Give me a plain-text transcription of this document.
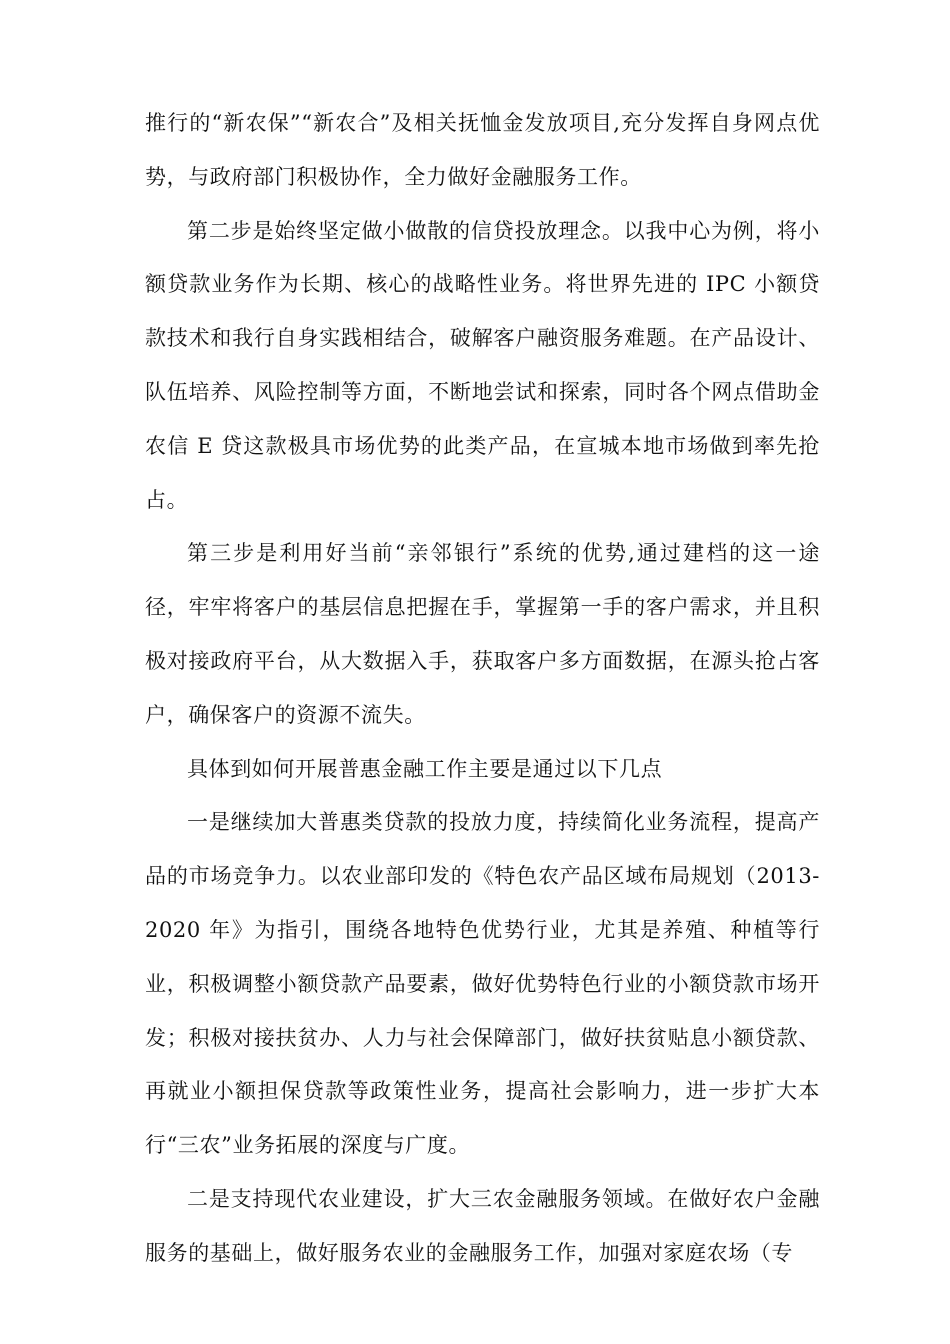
推行的“新农保”“新农合”及相关抚恤金发放项目,充分发挥自身网点优势，与政府部门积极协作，全力做好金融服务工作。

第二步是始终坚定做小做散的信贷投放理念。以我中心为例，将小额贷款业务作为长期、核心的战略性业务。将世界先进的 IPC 小额贷款技术和我行自身实践相结合，破解客户融资服务难题。在产品设计、队伍培养、风险控制等方面，不断地尝试和探索，同时各个网点借助金农信 E 贷这款极具市场优势的此类产品，在宣城本地市场做到率先抢占。

第三步是利用好当前“亲邻银行”系统的优势,通过建档的这一途径，牢牢将客户的基层信息把握在手，掌握第一手的客户需求，并且积极对接政府平台，从大数据入手，获取客户多方面数据，在源头抢占客户，确保客户的资源不流失。

具体到如何开展普惠金融工作主要是通过以下几点

一是继续加大普惠类贷款的投放力度，持续简化业务流程，提高产品的市场竞争力。以农业部印发的《特色农产品区域布局规划（2013-2020 年》为指引，围绕各地特色优势行业，尤其是养殖、种植等行业，积极调整小额贷款产品要素，做好优势特色行业的小额贷款市场开发；积极对接扶贫办、人力与社会保障部门，做好扶贫贴息小额贷款、再就业小额担保贷款等政策性业务，提高社会影响力，进一步扩大本行“三农”业务拓展的深度与广度。

二是支持现代农业建设，扩大三农金融服务领域。在做好农户金融服务的基础上，做好服务农业的金融服务工作，加强对家庭农场（专
